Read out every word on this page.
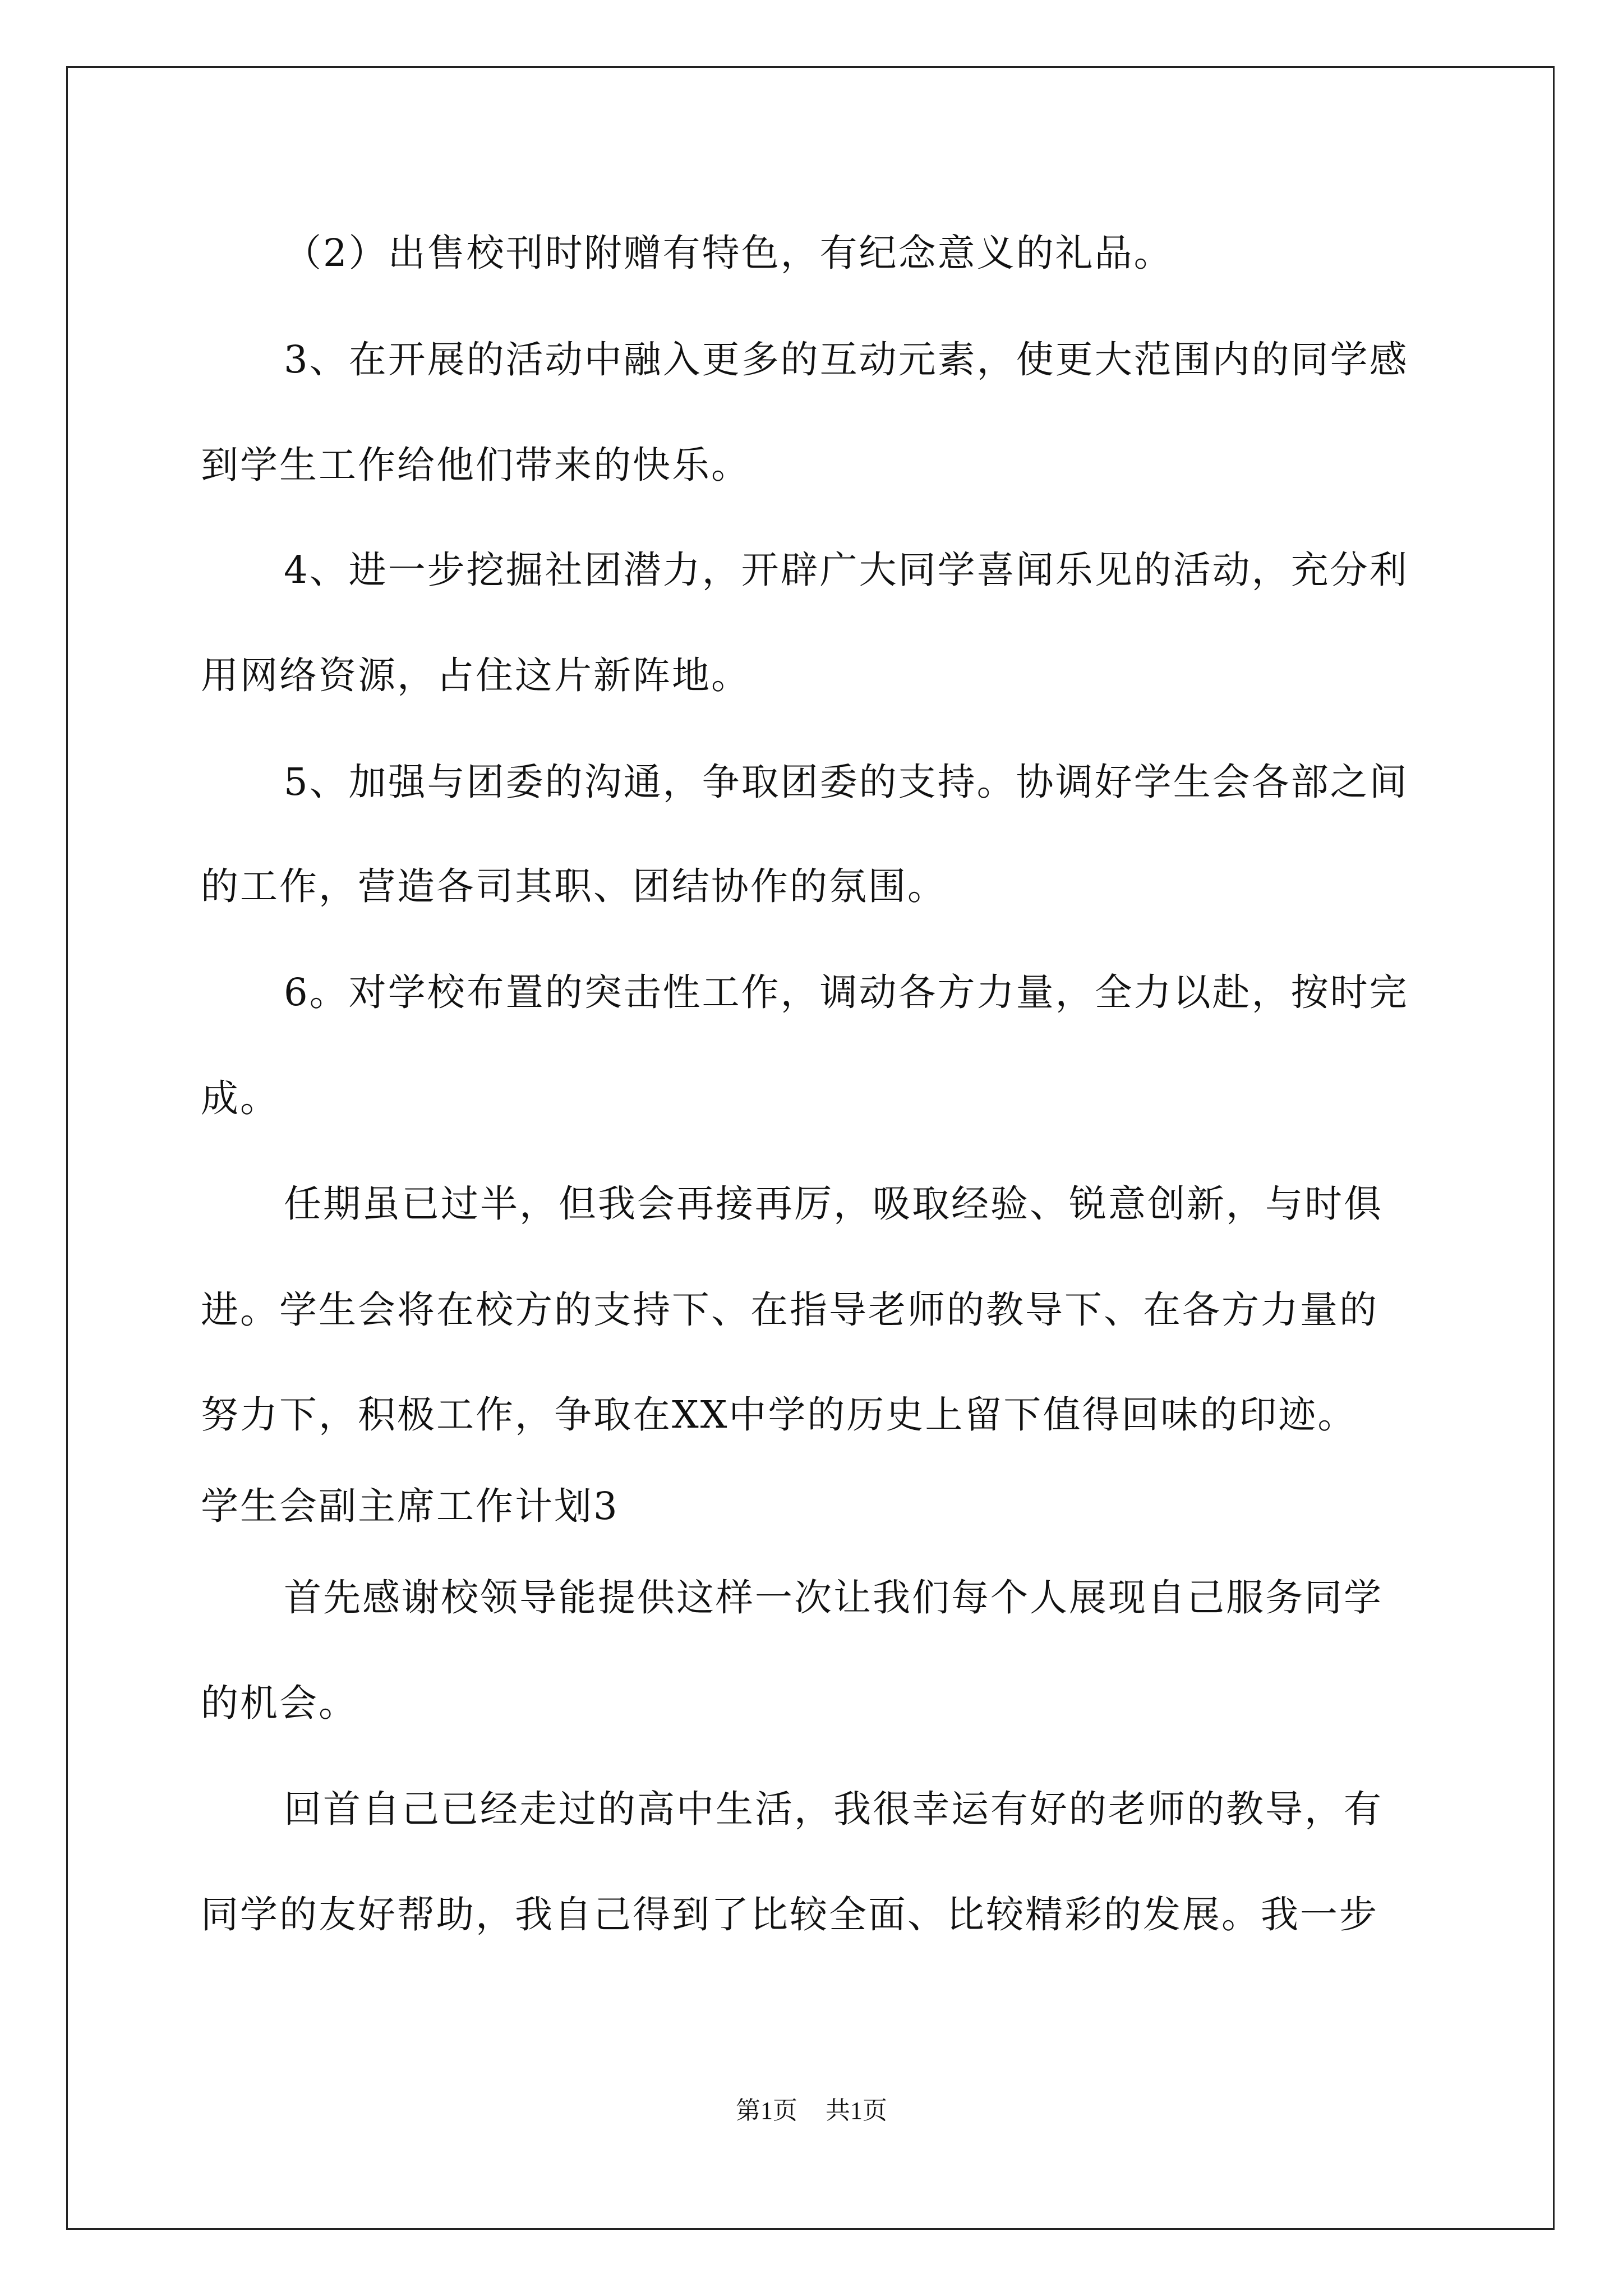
（2）出售校刊时附赠有特色，有纪念意义的礼品。
3、在开展的活动中融入更多的互动元素，使更大范围内的同学感
到学生工作给他们带来的快乐。
4、进一步挖掘社团潜力，开辟广大同学喜闻乐见的活动，充分利
用网络资源，占住这片新阵地。
5、加强与团委的沟通，争取团委的支持。协调好学生会各部之间
的工作，营造各司其职、团结协作的氛围。
6。对学校布置的突击性工作，调动各方力量，全力以赴，按时完
成。
任期虽已过半，但我会再接再厉，吸取经验、锐意创新，与时俱
进。学生会将在校方的支持下、在指导老师的教导下、在各方力量的
努力下，积极工作，争取在XX中学的历史上留下值得回味的印迹。
学生会副主席工作计划3
首先感谢校领导能提供这样一次让我们每个人展现自己服务同学
的机会。
回首自己已经走过的高中生活，我很幸运有好的老师的教导，有
同学的友好帮助，我自己得到了比较全面、比较精彩的发展。我一步
第1页 共1页
